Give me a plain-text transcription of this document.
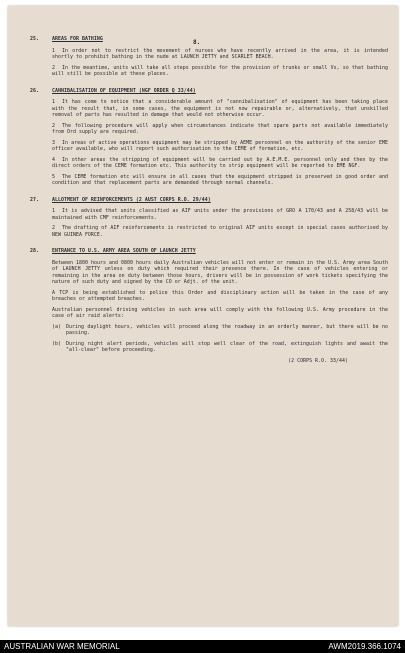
8.
25.	AREAS FOR BATHING
1 In order not to restrict the movement of nurses who have recently arrived in the area, it is intended shortly to prohibit bathing in the nude at LAUNCH JETTY and SCARLET BEACH.
2 In the meantime, units will take all steps possible for the provision of trunks or small Vs, so that bathing will still be possible at these places.
26.	CANNIBALISATION OF EQUIPMENT (NGF ORDER Q 33/44)
1 It has come to notice that a considerable amount of "cannibalisation" of equipment has been taking place with the result that, in some cases, the equipment is not now repairable or, alternatively, that unskilled removal of parts has resulted in damage that would not otherwise occur.
2 The following procedure will apply when circumstances indicate that spare parts not available immediately from Ord supply are required.
3 In areas of active operations equipment may be stripped by AEME personnel on the authority of the senior EME officer available, who will report such authorisation to the CEME of formation, etc.
4 In other areas the stripping of equipment will be carried out by A.E.M.E. personnel only and then by the direct orders of the CEME formation etc. This authority to strip equipment will be reported to EME NGF.
5 The CEME formation etc will ensure in all cases that the equipment stripped is preserved in good order and condition and that replacement parts are demanded through normal channels.
27.	ALLOTMENT OF REINFORCEMENTS (2 AUST CORPS R.O. 29/44)
1 It is advised that units classified as AIF units under the provisions of GRO A 170/43 and A 258/43 will be maintained with CMF reinforcements.
2 The drafting of AIF reinforcements is restricted to original AIF units except in special cases authorised by NEW GUINEA FORCE.
28.	ENTRANCE TO U.S. ARMY AREA SOUTH OF LAUNCH JETTY
Between 1800 hours and 0800 hours daily Australian vehicles will not enter or remain in the U.S. Army area South of LAUNCH JETTY unless on duty which required their presence there. In the case of vehicles entering or remaining in the area on duty between those hours, drivers will be in possession of work tickets specifying the nature of such duty and signed by the CO or Adjt. of the unit.
A TCP is being established to police this Order and disciplinary action will be taken in the case of any breaches or attempted breaches.
Australian personnel driving vehicles in such area will comply with the following U.S. Army procedure in the case of air raid alerts:
(a)	During daylight hours, vehicles will proceed along the roadway in an orderly manner, but there will be no passing.
(b)	During night alert periods, vehicles will stop well clear of the road, extinguish lights and await the "all-clear" before proceeding.
(2 CORPS R.O. 33/44)
AUSTRALIAN WAR MEMORIAL	AWM2019.366.1074
